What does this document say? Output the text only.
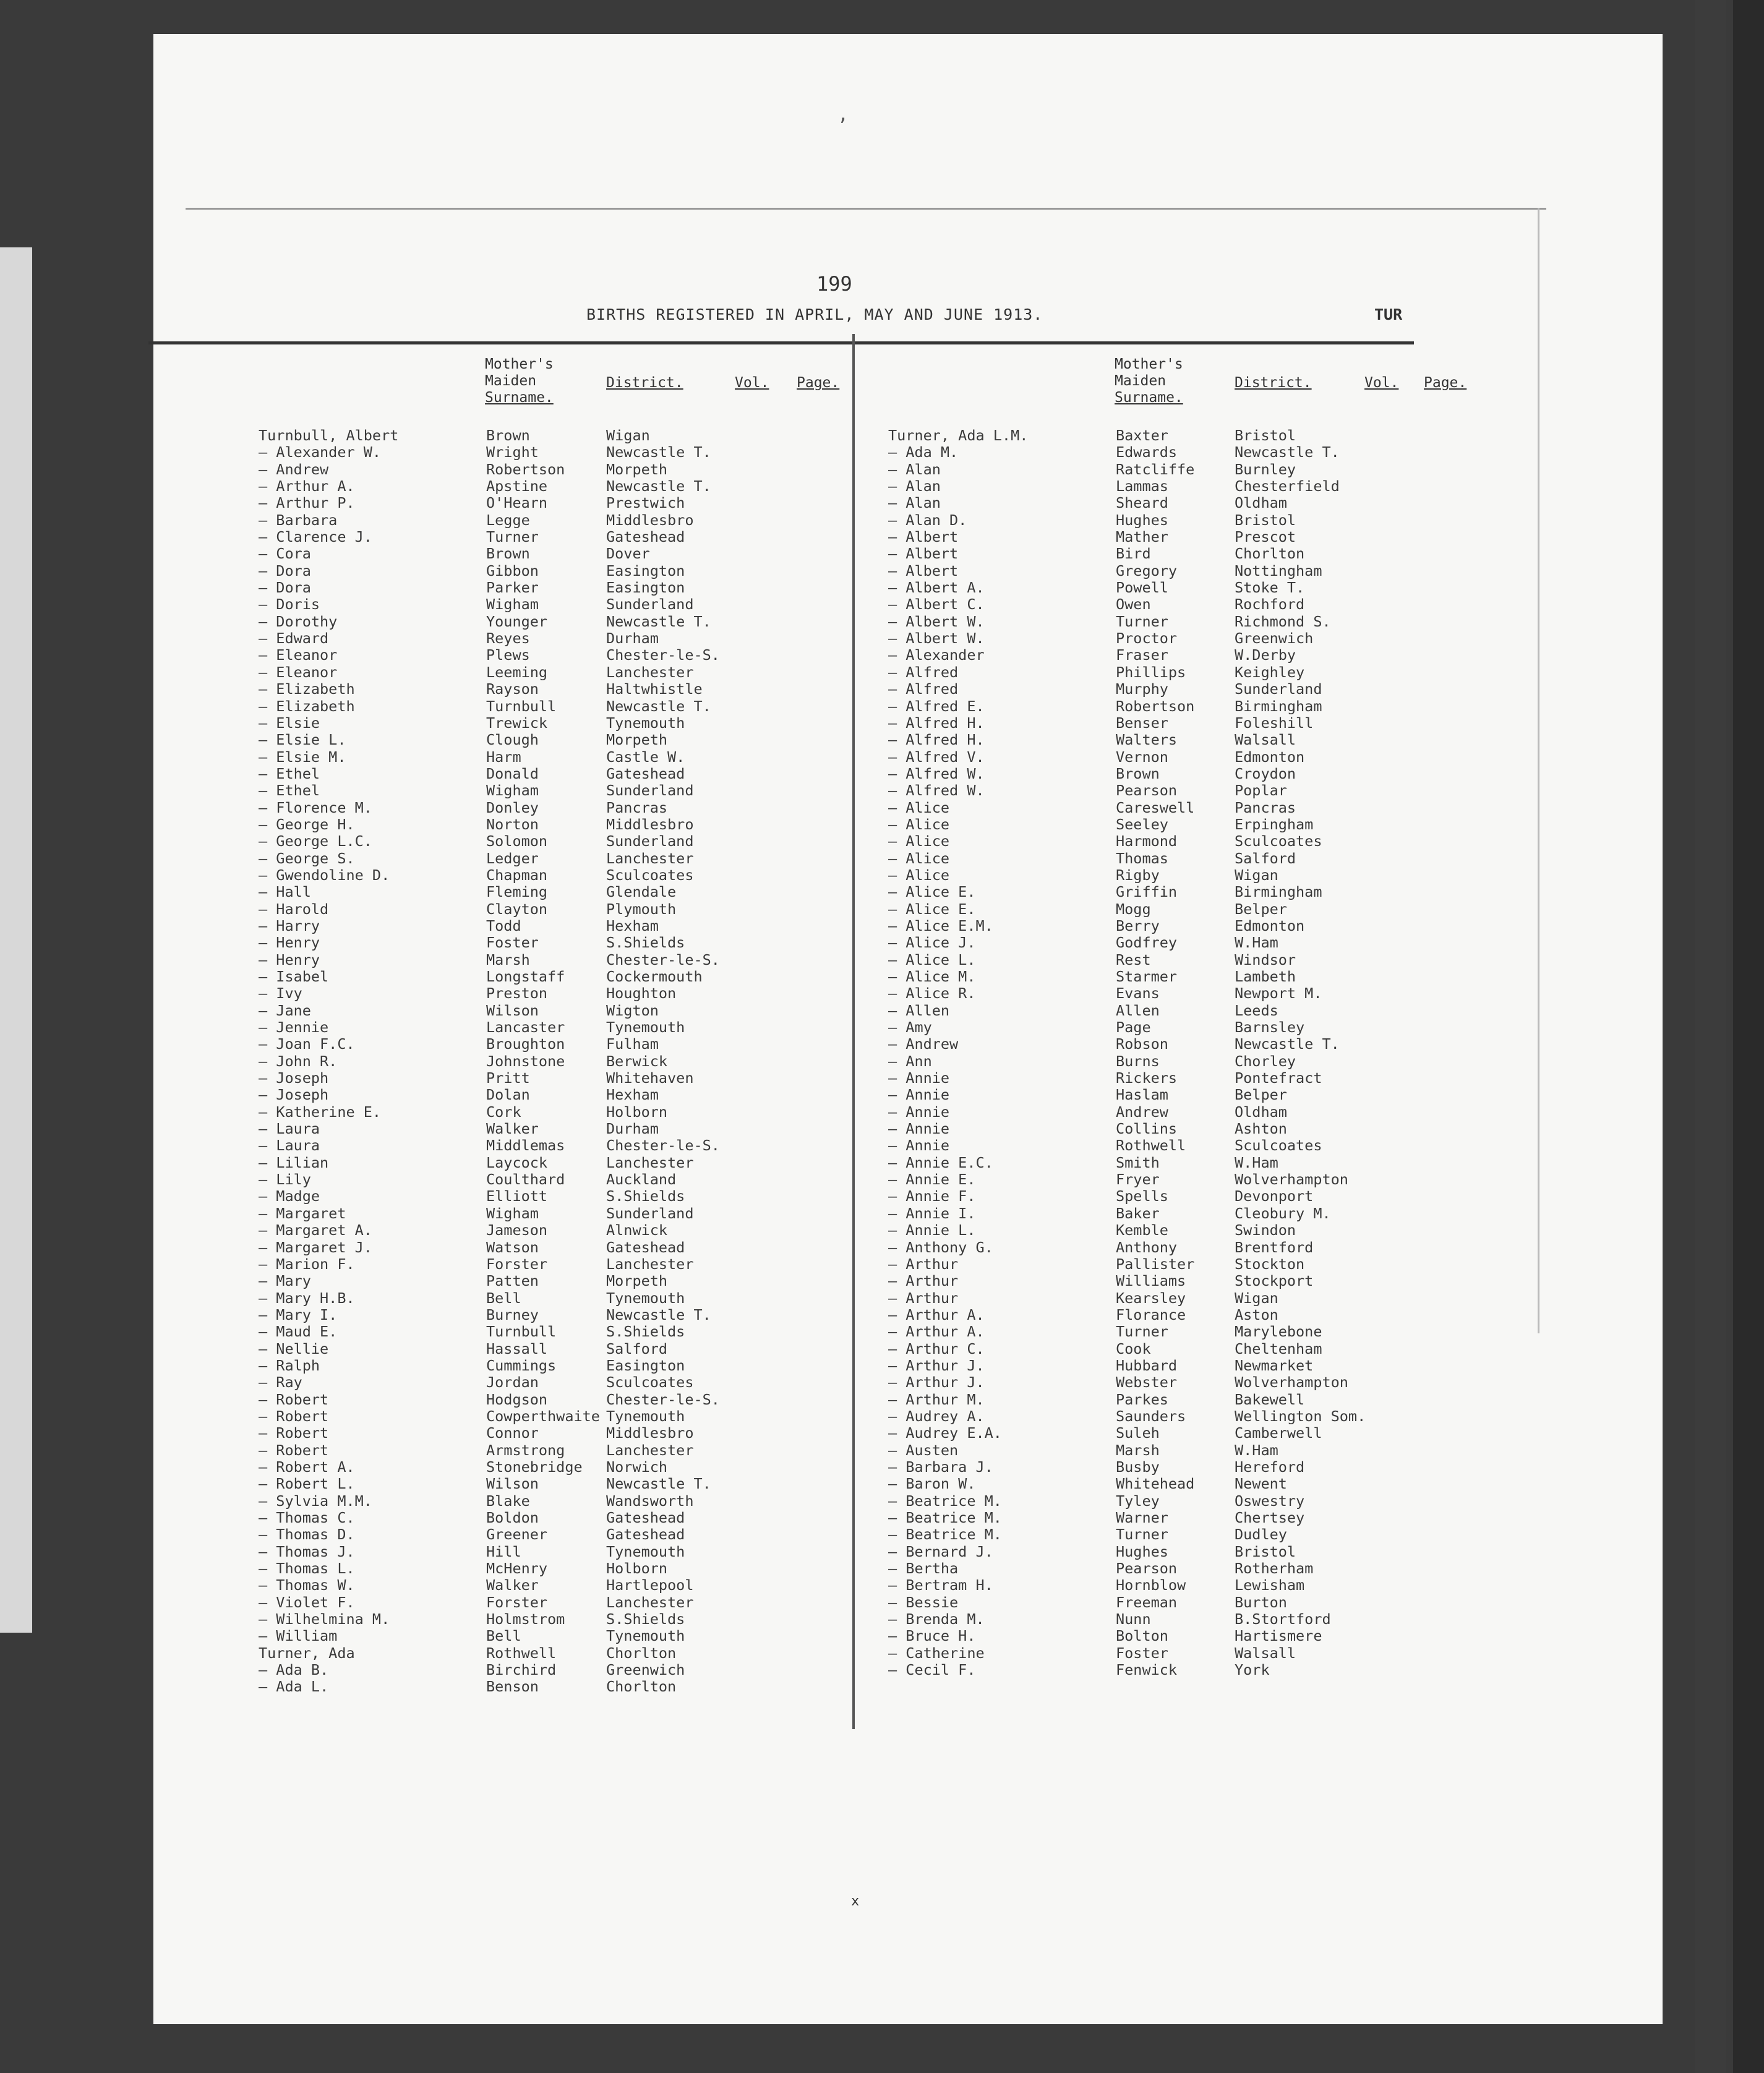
,
199
BIRTHS REGISTERED IN APRIL, MAY AND JUNE 1913.	TUR
Mother's
Maiden
Surname.
District.	Vol. Page.
Mother's
Maiden
Surname.
District.	Vol. Page.
Turnbull, Albert	Brown	Wigan
— Alexander W.	Wright	Newcastle T.
— Andrew	Robertson	Morpeth
— Arthur A.	Apstine	Newcastle T.
— Arthur P.	O'Hearn	Prestwich
— Barbara	Legge	Middlesbro
— Clarence J.	Turner	Gateshead
— Cora	Brown	Dover
— Dora	Gibbon	Easington
— Dora	Parker	Easington
— Doris	Wigham	Sunderland
— Dorothy	Younger	Newcastle T.
— Edward	Reyes	Durham
— Eleanor	Plews	Chester-le-S.
— Eleanor	Leeming	Lanchester
— Elizabeth	Rayson	Haltwhistle
— Elizabeth	Turnbull	Newcastle T.
— Elsie	Trewick	Tynemouth
— Elsie L.	Clough	Morpeth
— Elsie M.	Harm	Castle W.
— Ethel	Donald	Gateshead
— Ethel	Wigham	Sunderland
— Florence M.	Donley	Pancras
— George H.	Norton	Middlesbro
— George L.C.	Solomon	Sunderland
— George S.	Ledger	Lanchester
— Gwendoline D.	Chapman	Sculcoates
— Hall	Fleming	Glendale
— Harold	Clayton	Plymouth
— Harry	Todd	Hexham
— Henry	Foster	S.Shields
— Henry	Marsh	Chester-le-S.
— Isabel	Longstaff	Cockermouth
— Ivy	Preston	Houghton
— Jane	Wilson	Wigton
— Jennie	Lancaster	Tynemouth
— Joan F.C.	Broughton	Fulham
— John R.	Johnstone	Berwick
— Joseph	Pritt	Whitehaven
— Joseph	Dolan	Hexham
— Katherine E.	Cork	Holborn
— Laura	Walker	Durham
— Laura	Middlemas	Chester-le-S.
— Lilian	Laycock	Lanchester
— Lily	Coulthard	Auckland
— Madge	Elliott	S.Shields
— Margaret	Wigham	Sunderland
— Margaret A.	Jameson	Alnwick
— Margaret J.	Watson	Gateshead
— Marion F.	Forster	Lanchester
— Mary	Patten	Morpeth
— Mary H.B.	Bell	Tynemouth
— Mary I.	Burney	Newcastle T.
— Maud E.	Turnbull	S.Shields
— Nellie	Hassall	Salford
— Ralph	Cummings	Easington
— Ray	Jordan	Sculcoates
— Robert	Hodgson	Chester-le-S.
— Robert	Cowperthwaite Tynemouth
— Robert	Connor	Middlesbro
— Robert	Armstrong	Lanchester
— Robert A.	Stonebridge Norwich
— Robert L.	Wilson	Newcastle T.
— Sylvia M.M.	Blake	Wandsworth
— Thomas C.	Boldon	Gateshead
— Thomas D.	Greener	Gateshead
— Thomas J.	Hill	Tynemouth
— Thomas L.	McHenry	Holborn
— Thomas W.	Walker	Hartlepool
— Violet F.	Forster	Lanchester
— Wilhelmina M.	Holmstrom	S.Shields
— William	Bell	Tynemouth
Turner, Ada	Rothwell	Chorlton
— Ada B.	Birchird	Greenwich
— Ada L.	Benson	Chorlton
Turner, Ada L.M.	Baxter	Bristol
— Ada M.	Edwards	Newcastle T.
— Alan	Ratcliffe	Burnley
— Alan	Lammas	Chesterfield
— Alan	Sheard	Oldham
— Alan D.	Hughes	Bristol
— Albert	Mather	Prescot
— Albert	Bird	Chorlton
— Albert	Gregory	Nottingham
— Albert A.	Powell	Stoke T.
— Albert C.	Owen	Rochford
— Albert W.	Turner	Richmond S.
— Albert W.	Proctor	Greenwich
— Alexander	Fraser	W.Derby
— Alfred	Phillips	Keighley
— Alfred	Murphy	Sunderland
— Alfred E.	Robertson	Birmingham
— Alfred H.	Benser	Foleshill
— Alfred H.	Walters	Walsall
— Alfred V.	Vernon	Edmonton
— Alfred W.	Brown	Croydon
— Alfred W.	Pearson	Poplar
— Alice	Careswell	Pancras
— Alice	Seeley	Erpingham
— Alice	Harmond	Sculcoates
— Alice	Thomas	Salford
— Alice	Rigby	Wigan
— Alice E.	Griffin	Birmingham
— Alice E.	Mogg	Belper
— Alice E.M.	Berry	Edmonton
— Alice J.	Godfrey	W.Ham
— Alice L.	Rest	Windsor
— Alice M.	Starmer	Lambeth
— Alice R.	Evans	Newport M.
— Allen	Allen	Leeds
— Amy	Page	Barnsley
— Andrew	Robson	Newcastle T.
— Ann	Burns	Chorley
— Annie	Rickers	Pontefract
— Annie	Haslam	Belper
— Annie	Andrew	Oldham
— Annie	Collins	Ashton
— Annie	Rothwell	Sculcoates
— Annie E.C.	Smith	W.Ham
— Annie E.	Fryer	Wolverhampton
— Annie F.	Spells	Devonport
— Annie I.	Baker	Cleobury M.
— Annie L.	Kemble	Swindon
— Anthony G.	Anthony	Brentford
— Arthur	Pallister	Stockton
— Arthur	Williams	Stockport
— Arthur	Kearsley	Wigan
— Arthur A.	Florance	Aston
— Arthur A.	Turner	Marylebone
— Arthur C.	Cook	Cheltenham
— Arthur J.	Hubbard	Newmarket
— Arthur J.	Webster	Wolverhampton
— Arthur M.	Parkes	Bakewell
— Audrey A.	Saunders	Wellington Som.
— Audrey E.A.	Suleh	Camberwell
— Austen	Marsh	W.Ham
— Barbara J.	Busby	Hereford
— Baron W.	Whitehead	Newent
— Beatrice M.	Tyley	Oswestry
— Beatrice M.	Warner	Chertsey
— Beatrice M.	Turner	Dudley
— Bernard J.	Hughes	Bristol
— Bertha	Pearson	Rotherham
— Bertram H.	Hornblow	Lewisham
— Bessie	Freeman	Burton
— Brenda M.	Nunn	B.Stortford
— Bruce H.	Bolton	Hartismere
— Catherine	Foster	Walsall
— Cecil F.	Fenwick	York
x
